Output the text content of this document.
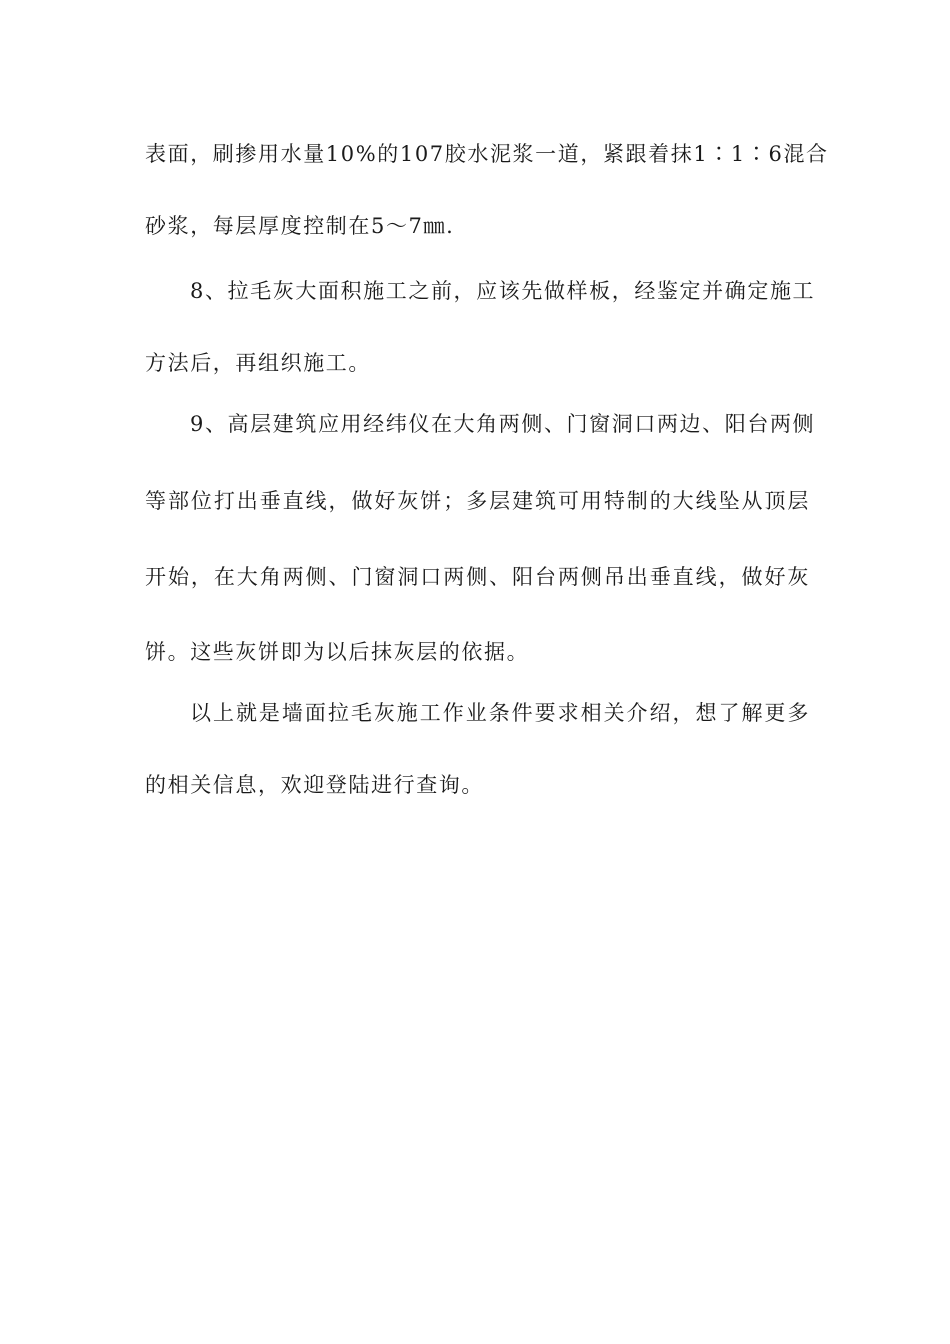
表面，刷掺用水量10%的107胶水泥浆一道，紧跟着抹1∶1∶6混合
砂浆，每层厚度控制在5～7㎜.
8、拉毛灰大面积施工之前，应该先做样板，经鉴定并确定施工
方法后，再组织施工。
9、高层建筑应用经纬仪在大角两侧、门窗洞口两边、阳台两侧
等部位打出垂直线，做好灰饼；多层建筑可用特制的大线坠从顶层
开始，在大角两侧、门窗洞口两侧、阳台两侧吊出垂直线，做好灰
饼。这些灰饼即为以后抹灰层的依据。
以上就是墙面拉毛灰施工作业条件要求相关介绍，想了解更多
的相关信息，欢迎登陆进行查询。
